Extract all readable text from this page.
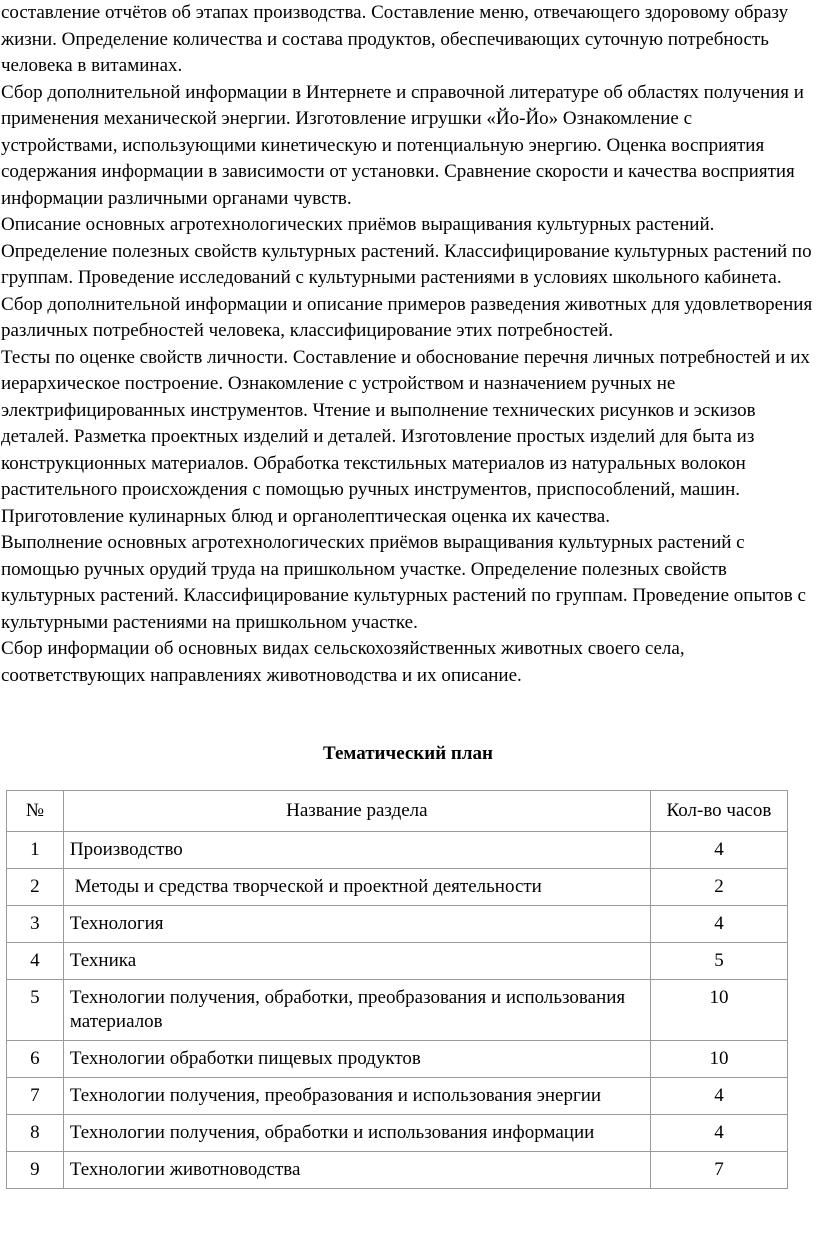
составление отчётов об этапах производства. Составление меню, отвечающего здоровому образу жизни. Определение количества и состава продуктов, обеспечивающих суточную потребность человека в витаминах.

Сбор дополнительной информации в Интернете и справочной литературе об областях получения и применения механической энергии. Изготовление игрушки «Йо-Йо» Ознакомление с устройствами, использующими кинетическую и потенциальную энергию. Оценка восприятия содержания информации в зависимости от установки. Сравнение скорости и качества восприятия информации различными органами чувств.

Описание основных агротехнологических приёмов выращивания культурных растений. Определение полезных свойств культурных растений. Классифицирование культурных растений по группам. Проведение исследований с культурными растениями в условиях школьного кабинета. Сбор дополнительной информации и описание примеров разведения животных для удовлетворения различных потребностей человека, классифицирование этих потребностей.

Тесты по оценке свойств личности. Составление и обоснование перечня личных потребностей и их иерархическое построение. Ознакомление с устройством и назначением ручных не электрифицированных инструментов. Чтение и выполнение технических рисунков и эскизов деталей. Разметка проектных изделий и деталей. Изготовление простых изделий для быта из конструкционных материалов. Обработка текстильных материалов из натуральных волокон растительного происхождения с помощью ручных инструментов, приспособлений, машин.

Приготовление кулинарных блюд и органолептическая оценка их качества.

Выполнение основных агротехнологических приёмов выращивания культурных растений с помощью ручных орудий труда на пришкольном участке. Определение полезных свойств культурных растений. Классифицирование культурных растений по группам. Проведение опытов с культурными растениями на пришкольном участке.

Сбор информации об основных видах сельскохозяйственных животных своего села, соответствующих направлениях животноводства и их описание.

Тематический план
№	Название раздела	Кол-во часов
1	Производство	4
2	Методы и средства творческой и проектной деятельности	2
3	Технология	4
4	Техника	5
5	Технологии получения, обработки, преобразования и использования материалов	10
6	Технологии обработки пищевых продуктов	10
7	Технологии получения, преобразования и использования энергии	4
8	Технологии получения, обработки и использования информации	4
9	Технологии животноводства	7
